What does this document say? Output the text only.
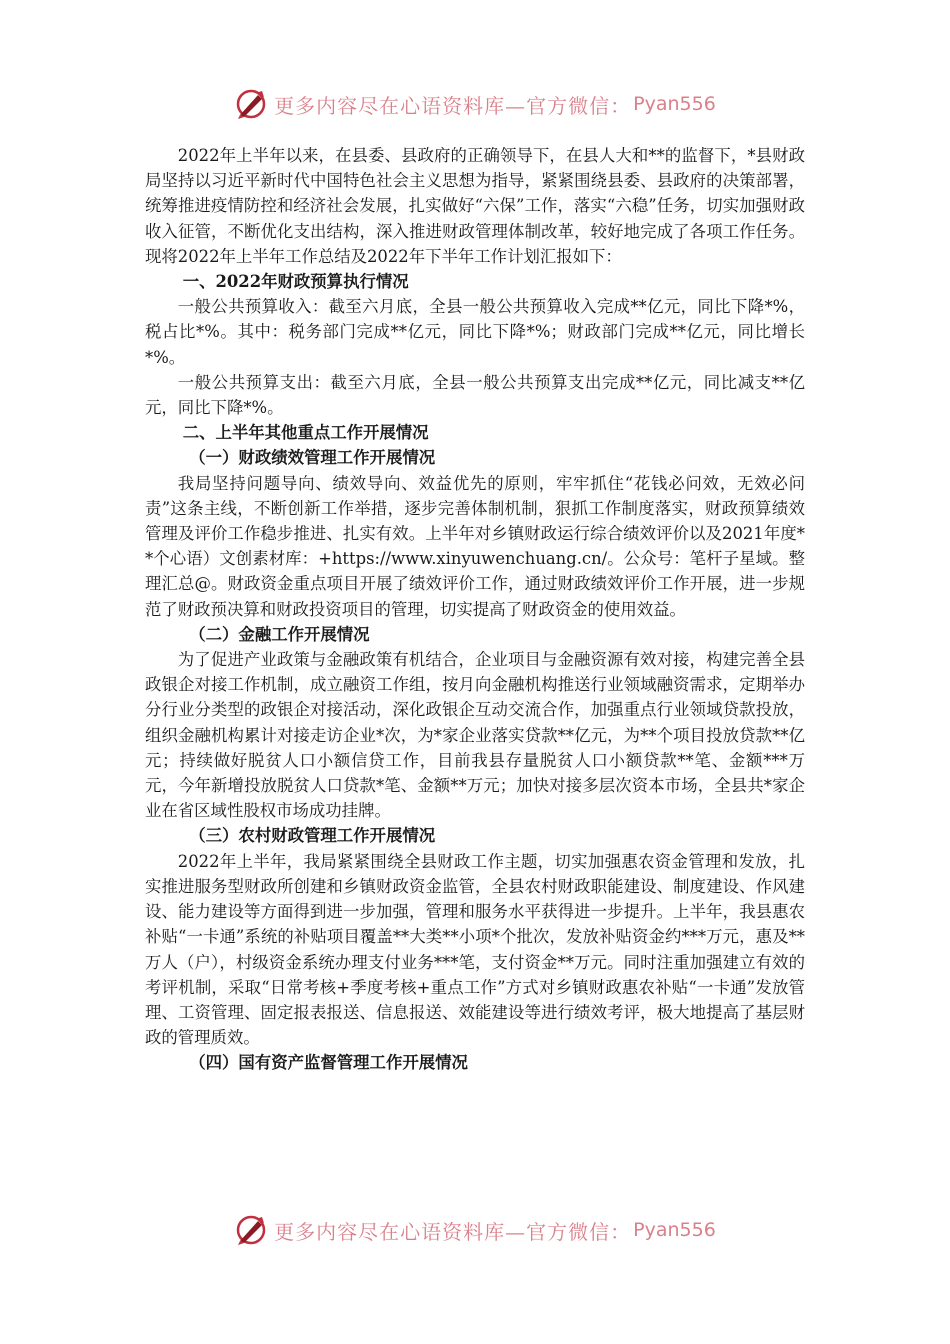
更多内容尽在心语资料库—官方微信： Pyan556

2022年上半年以来，在县委、县政府的正确领导下，在县人大和**的监督下，*县财政局坚持以习近平新时代中国特色社会主义思想为指导，紧紧围绕县委、县政府的决策部署，统筹推进疫情防控和经济社会发展，扎实做好“六保”工作，落实“六稳”任务，切实加强财政收入征管，不断优化支出结构，深入推进财政管理体制改革，较好地完成了各项工作任务。现将2022年上半年工作总结及2022年下半年工作计划汇报如下：

一、2022年财政预算执行情况

一般公共预算收入：截至六月底，全县一般公共预算收入完成**亿元，同比下降*%，税占比*%。其中：税务部门完成**亿元，同比下降*%；财政部门完成**亿元，同比增长*%。

一般公共预算支出：截至六月底，全县一般公共预算支出完成**亿元，同比减支**亿元，同比下降*%。

二、上半年其他重点工作开展情况

（一）财政绩效管理工作开展情况

我局坚持问题导向、绩效导向、效益优先的原则，牢牢抓住“花钱必问效，无效必问责”这条主线，不断创新工作举措，逐步完善体制机制，狠抓工作制度落实，财政预算绩效管理及评价工作稳步推进、扎实有效。上半年对乡镇财政运行综合绩效评价以及2021年度**个心语）文创素材库：+https://www.xinyuwenchuang.cn/。公众号：笔杆子星域。整理汇总@。财政资金重点项目开展了绩效评价工作，通过财政绩效评价工作开展，进一步规范了财政预决算和财政投资项目的管理，切实提高了财政资金的使用效益。

（二）金融工作开展情况

为了促进产业政策与金融政策有机结合，企业项目与金融资源有效对接，构建完善全县政银企对接工作机制，成立融资工作组，按月向金融机构推送行业领域融资需求，定期举办分行业分类型的政银企对接活动，深化政银企互动交流合作，加强重点行业领域贷款投放，组织金融机构累计对接走访企业*次，为*家企业落实贷款**亿元，为**个项目投放贷款**亿元；持续做好脱贫人口小额信贷工作，目前我县存量脱贫人口小额贷款**笔、金额***万元，今年新增投放脱贫人口贷款*笔、金额**万元；加快对接多层次资本市场，全县共*家企业在省区域性股权市场成功挂牌。

（三）农村财政管理工作开展情况

2022年上半年，我局紧紧围绕全县财政工作主题，切实加强惠农资金管理和发放，扎实推进服务型财政所创建和乡镇财政资金监管，全县农村财政职能建设、制度建设、作风建设、能力建设等方面得到进一步加强，管理和服务水平获得进一步提升。上半年，我县惠农补贴“一卡通”系统的补贴项目覆盖**大类**小项*个批次，发放补贴资金约***万元，惠及**万人（户），村级资金系统办理支付业务***笔，支付资金**万元。同时注重加强建立有效的考评机制，采取“日常考核+季度考核+重点工作”方式对乡镇财政惠农补贴“一卡通”发放管理、工资管理、固定报表报送、信息报送、效能建设等进行绩效考评，极大地提高了基层财政的管理质效。

（四）国有资产监督管理工作开展情况

更多内容尽在心语资料库—官方微信： Pyan556
